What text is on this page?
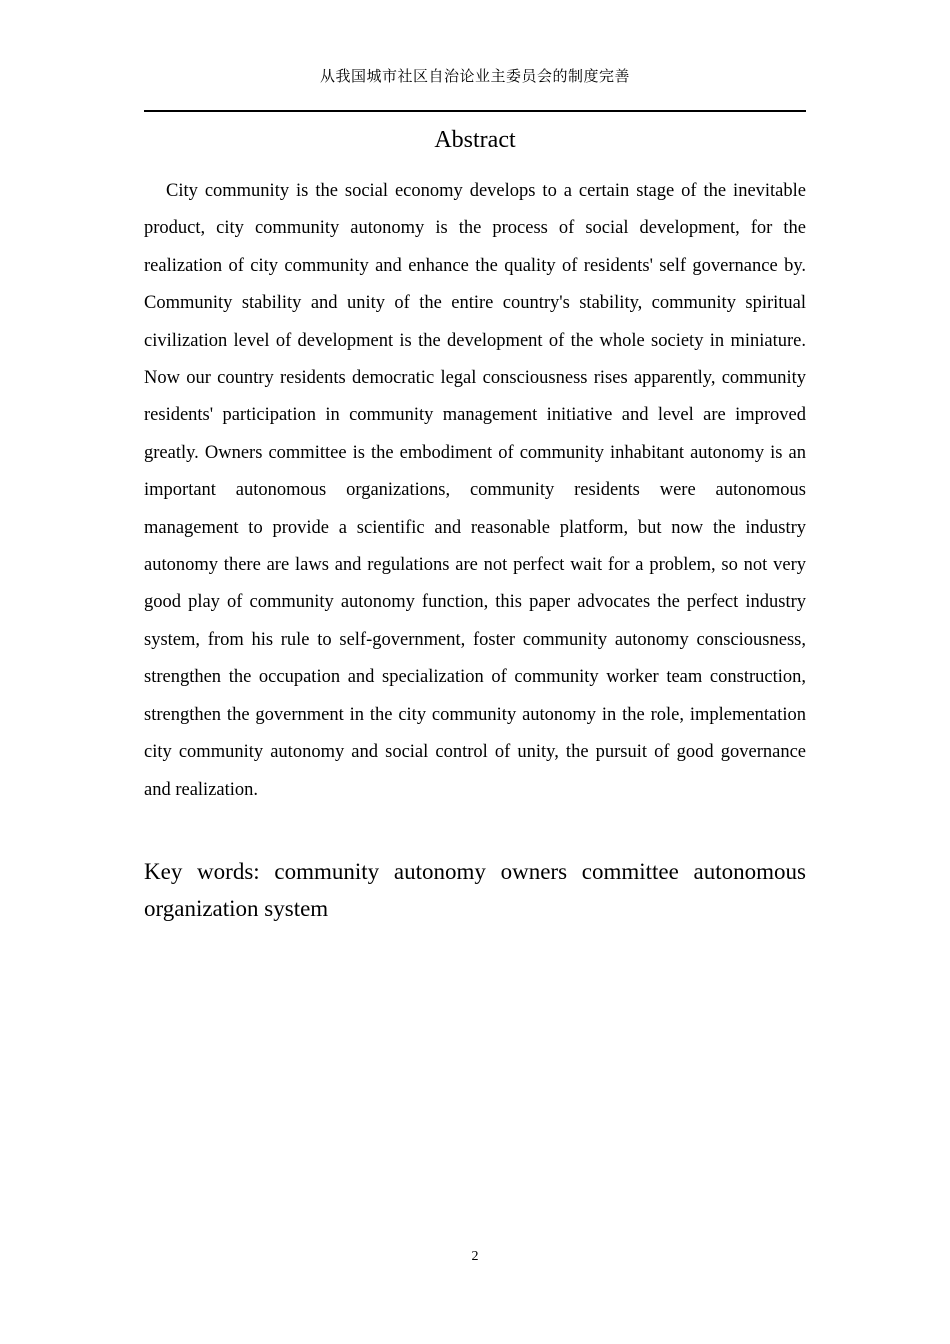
从我国城市社区自治论业主委员会的制度完善
Abstract

City community is the social economy develops to a certain stage of the inevitable product, city community autonomy is the process of social development, for the realization of city community and enhance the quality of residents' self governance by. Community stability and unity of the entire country's stability, community spiritual civilization level of development is the development of the whole society in miniature. Now our country residents democratic legal consciousness rises apparently, community residents' participation in community management initiative and level are improved greatly. Owners committee is the embodiment of community inhabitant autonomy is an important autonomous organizations, community residents were autonomous management to provide a scientific and reasonable platform, but now the industry autonomy there are laws and regulations are not perfect wait for a problem, so not very good play of community autonomy function, this paper advocates the perfect industry system, from his rule to self-government, foster community autonomy consciousness, strengthen the occupation and specialization of community worker team construction, strengthen the government in the city community autonomy in the role, implementation city community autonomy and social control of unity, the pursuit of good governance and realization.

Key words: community autonomy owners committee autonomous organization system

2
